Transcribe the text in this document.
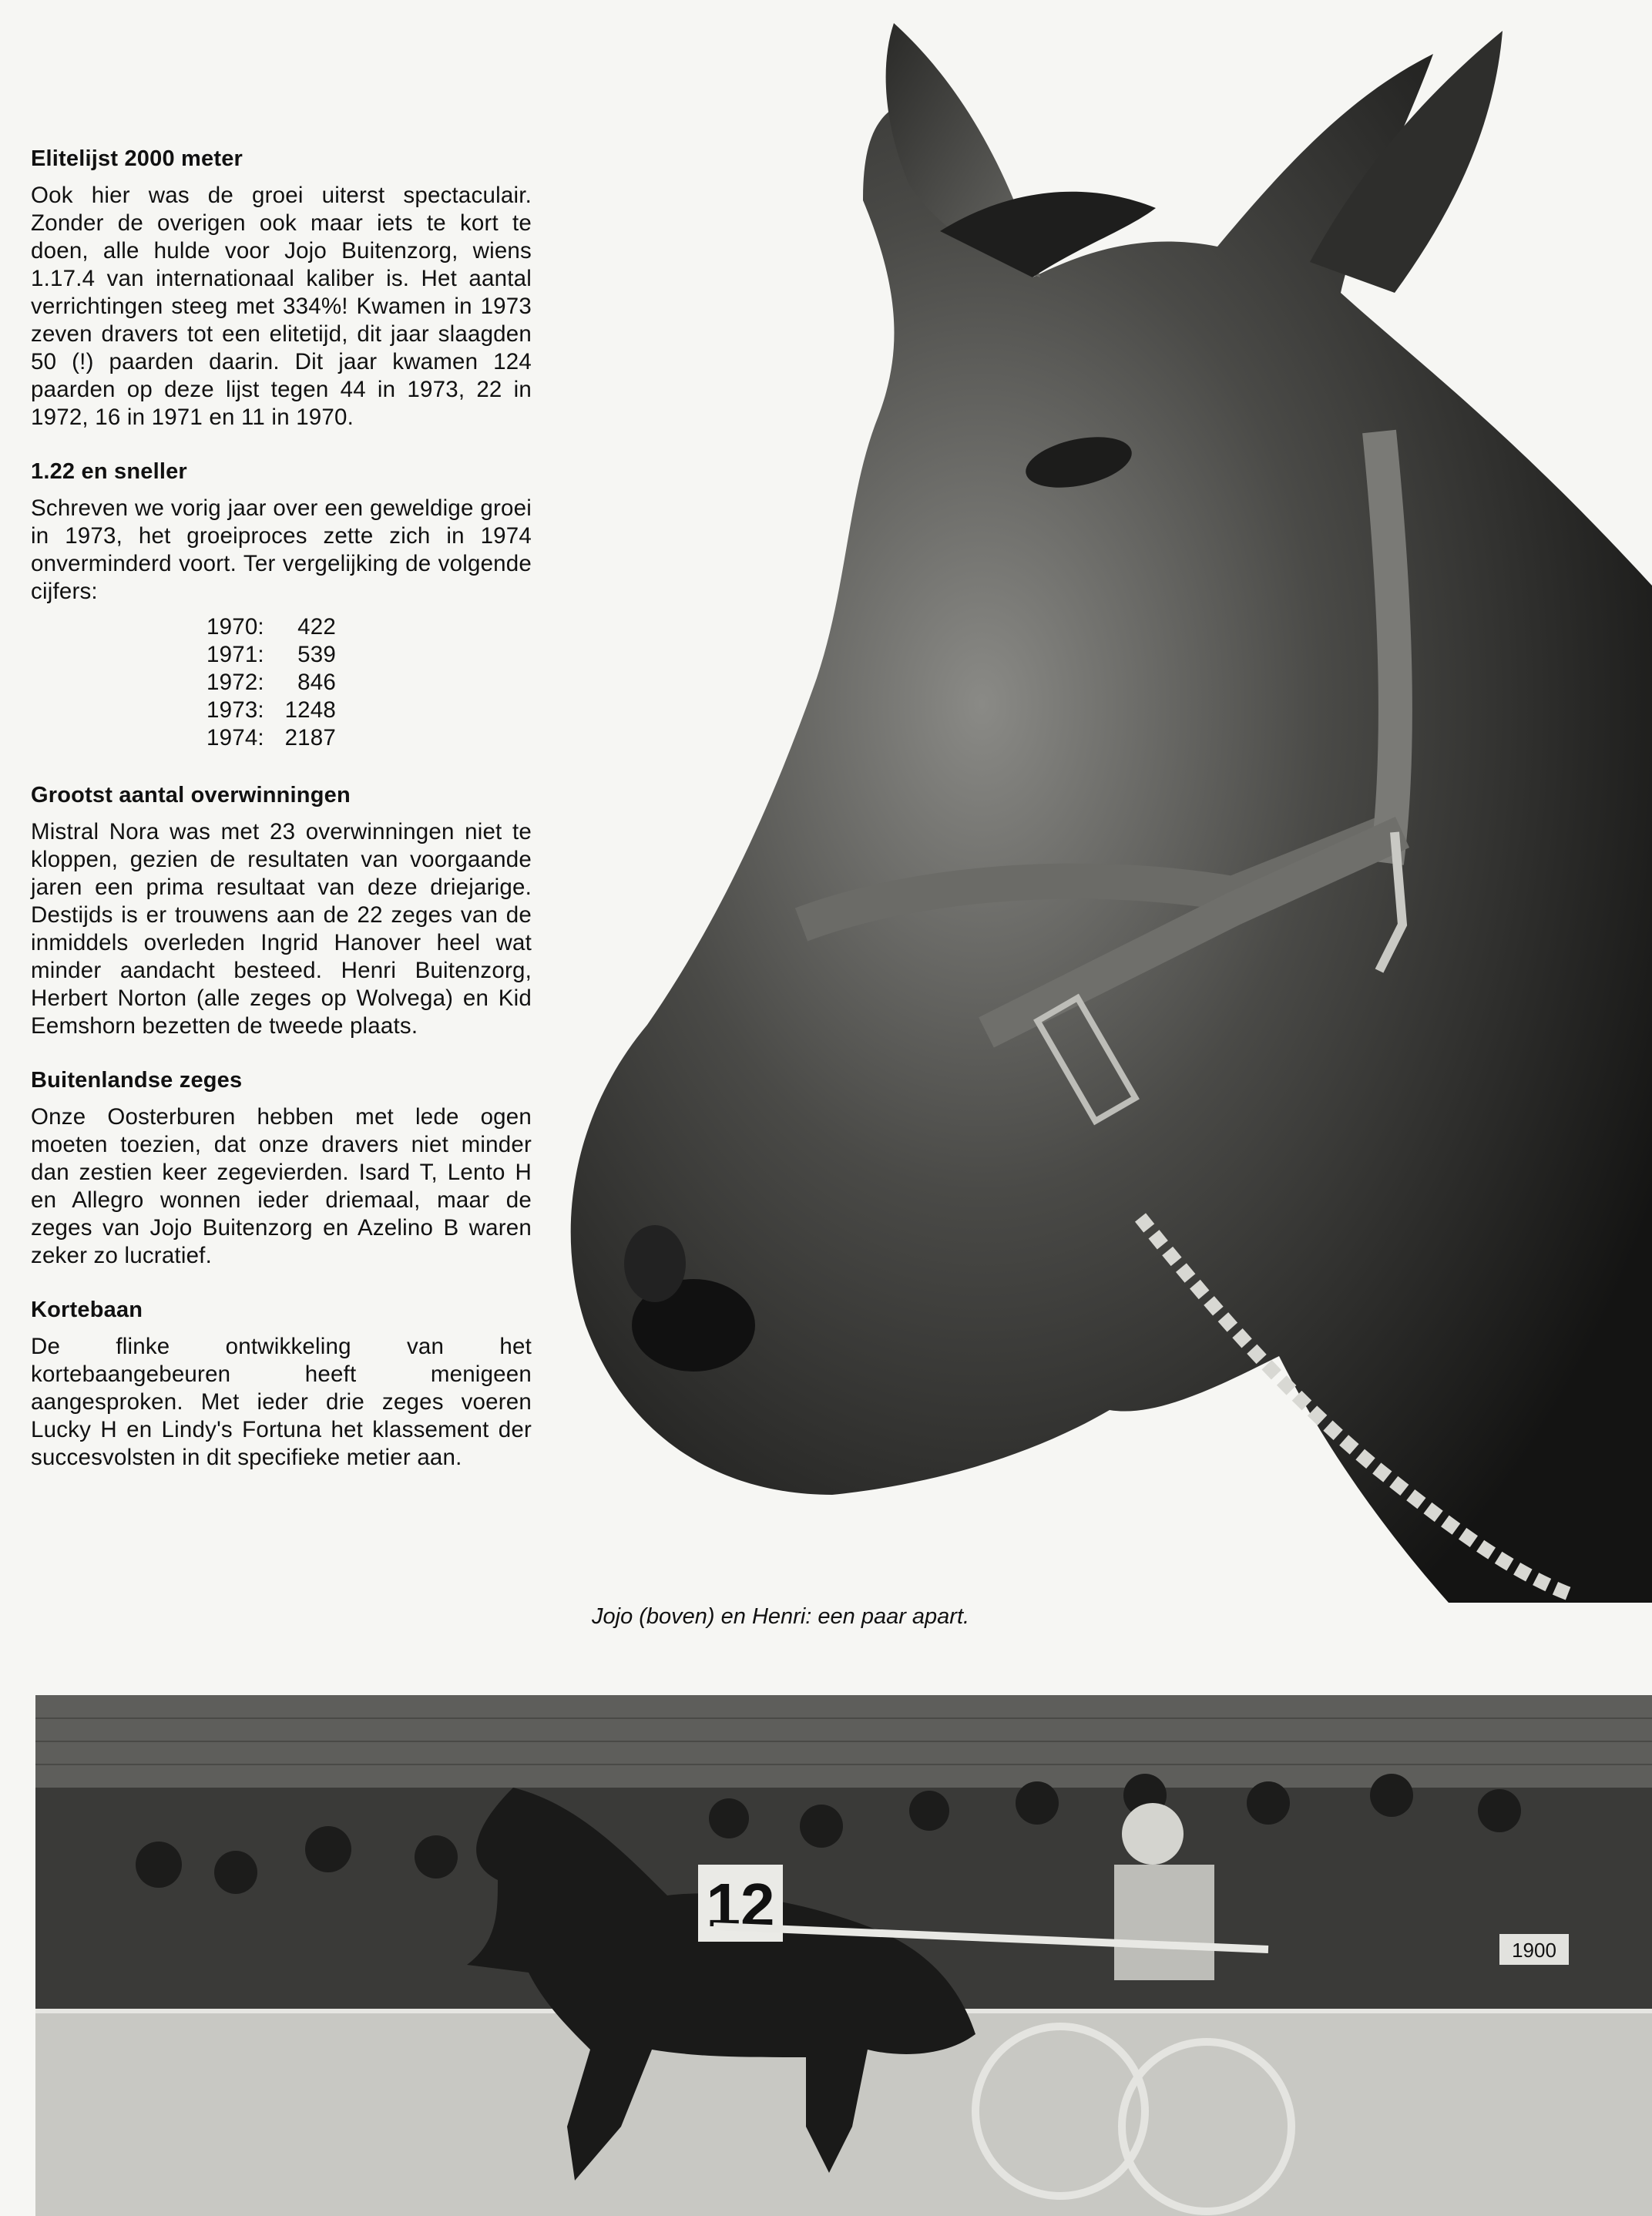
Elitelijst 2000 meter

Ook hier was de groei uiterst spectaculair. Zonder de overigen ook maar iets te kort te doen, alle hulde voor Jojo Buitenzorg, wiens 1.17.4 van internationaal kaliber is. Het aantal verrichtingen steeg met 334%! Kwamen in 1973 zeven dravers tot een elitetijd, dit jaar slaagden 50 (!) paarden daarin. Dit jaar kwamen 124 paarden op deze lijst tegen 44 in 1973, 22 in 1972, 16 in 1971 en 11 in 1970.

1.22 en sneller

Schreven we vorig jaar over een geweldige groei in 1973, het groeiproces zette zich in 1974 onverminderd voort. Ter vergelijking de volgende cijfers:

1970:	422
1971:	539
1972:	846
1973: 1248
1974: 2187
Grootst aantal overwinningen

Mistral Nora was met 23 overwinningen niet te kloppen, gezien de resultaten van voorgaande jaren een prima resultaat van deze driejarige. Destijds is er trouwens aan de 22 zeges van de inmiddels overleden Ingrid Hanover heel wat minder aandacht besteed. Henri Buitenzorg, Herbert Norton (alle zeges op Wolvega) en Kid Eemshorn bezetten de tweede plaats.

Buitenlandse zeges

Onze Oosterburen hebben met lede ogen moeten toezien, dat onze dravers niet minder dan zestien keer zegevierden. Isard T, Lento H en Allegro wonnen ieder driemaal, maar de zeges van Jojo Buitenzorg en Azelino B waren zeker zo lucratief.

Kortebaan

De flinke ontwikkeling van het kortebaangebeuren heeft menigeen aangesproken. Met ieder drie zeges voeren Lucky H en Lindy's Fortuna het klassement der succesvolsten in dit specifieke metier aan.

Jojo (boven) en Henri: een paar apart.
1900
12
